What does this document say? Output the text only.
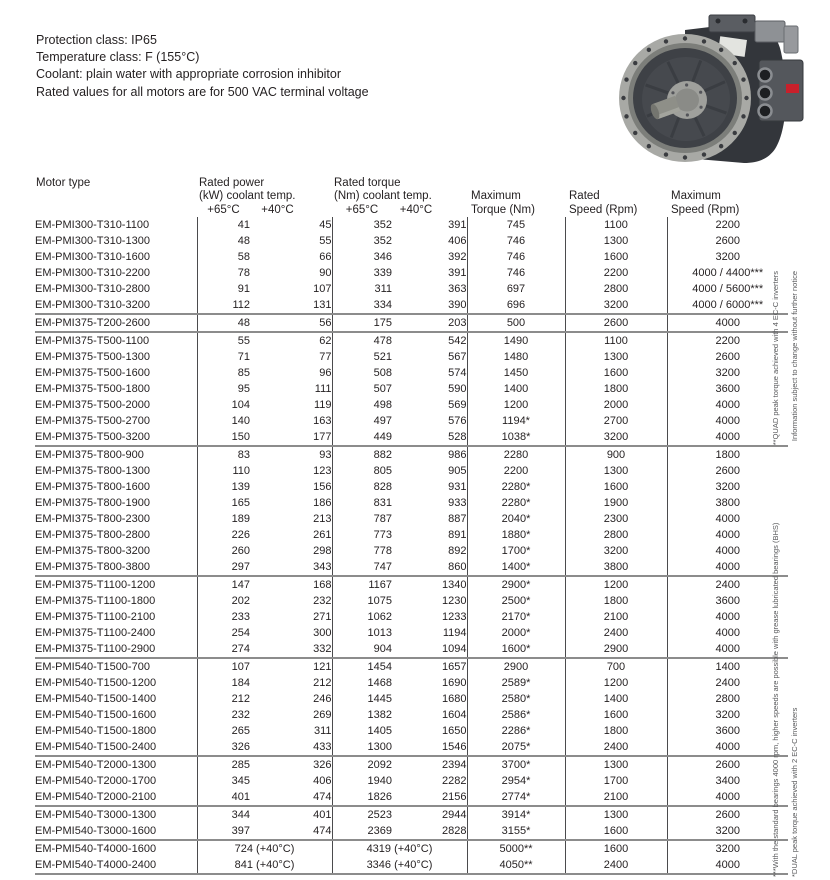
Protection class: IP65
Temperature class: F (155°C)
Coolant: plain water with appropriate corrosion inhibitor
Rated values for all motors are for 500 VAC terminal voltage
Motor type	Rated power		Rated torque				
	(kW) coolant temp.		(Nm) coolant temp.		Maximum	Rated	Maximum
	+65°C	+40°C	+65°C	+40°C	Torque (Nm)	Speed (Rpm)	Speed (Rpm)
EM-PMI300-T310-1100	41	45	352	391	745	1100	2200
EM-PMI300-T310-1300	48	55	352	406	746	1300	2600
EM-PMI300-T310-1600	58	66	346	392	746	1600	3200
EM-PMI300-T310-2200	78	90	339	391	746	2200	4000 / 4400***
EM-PMI300-T310-2800	91	107	311	363	697	2800	4000 / 5600***
EM-PMI300-T310-3200	112	131	334	390	696	3200	4000 / 6000***
EM-PMI375-T200-2600	48	56	175	203	500	2600	4000
EM-PMI375-T500-1100	55	62	478	542	1490	1100	2200
EM-PMI375-T500-1300	71	77	521	567	1480	1300	2600
EM-PMI375-T500-1600	85	96	508	574	1450	1600	3200
EM-PMI375-T500-1800	95	111	507	590	1400	1800	3600
EM-PMI375-T500-2000	104	119	498	569	1200	2000	4000
EM-PMI375-T500-2700	140	163	497	576	1194*	2700	4000
EM-PMI375-T500-3200	150	177	449	528	1038*	3200	4000
EM-PMI375-T800-900	83	93	882	986	2280	900	1800
EM-PMI375-T800-1300	110	123	805	905	2200	1300	2600
EM-PMI375-T800-1600	139	156	828	931	2280*	1600	3200
EM-PMI375-T800-1900	165	186	831	933	2280*	1900	3800
EM-PMI375-T800-2300	189	213	787	887	2040*	2300	4000
EM-PMI375-T800-2800	226	261	773	891	1880*	2800	4000
EM-PMI375-T800-3200	260	298	778	892	1700*	3200	4000
EM-PMI375-T800-3800	297	343	747	860	1400*	3800	4000
EM-PMI375-T1100-1200	147	168	1167	1340	2900*	1200	2400
EM-PMI375-T1100-1800	202	232	1075	1230	2500*	1800	3600
EM-PMI375-T1100-2100	233	271	1062	1233	2170*	2100	4000
EM-PMI375-T1100-2400	254	300	1013	1194	2000*	2400	4000
EM-PMI375-T1100-2900	274	332	904	1094	1600*	2900	4000
EM-PMI540-T1500-700	107	121	1454	1657	2900	700	1400
EM-PMI540-T1500-1200	184	212	1468	1690	2589*	1200	2400
EM-PMI540-T1500-1400	212	246	1445	1680	2580*	1400	2800
EM-PMI540-T1500-1600	232	269	1382	1604	2586*	1600	3200
EM-PMI540-T1500-1800	265	311	1405	1650	2286*	1800	3600
EM-PMI540-T1500-2400	326	433	1300	1546	2075*	2400	4000
EM-PMI540-T2000-1300	285	326	2092	2394	3700*	1300	2600
EM-PMI540-T2000-1700	345	406	1940	2282	2954*	1700	3400
EM-PMI540-T2000-2100	401	474	1826	2156	2774*	2100	4000
EM-PMI540-T3000-1300	344	401	2523	2944	3914*	1300	2600
EM-PMI540-T3000-1600	397	474	2369	2828	3155*	1600	3200
EM-PMI540-T4000-1600	724 (+40°C)		4319 (+40°C)		5000**	1600	3200
EM-PMI540-T4000-2400	841 (+40°C)		3346 (+40°C)		4050**	2400	4000	***With the standard bearings 4000 rpm, higher speeds are possible with grease lubricated bearings (BHS)
**QUAD peak torque achieved with 4 EC-C inverters
*DUAL peak torque achieved with 2 EC-C inverters
Information subject to change without further notice
